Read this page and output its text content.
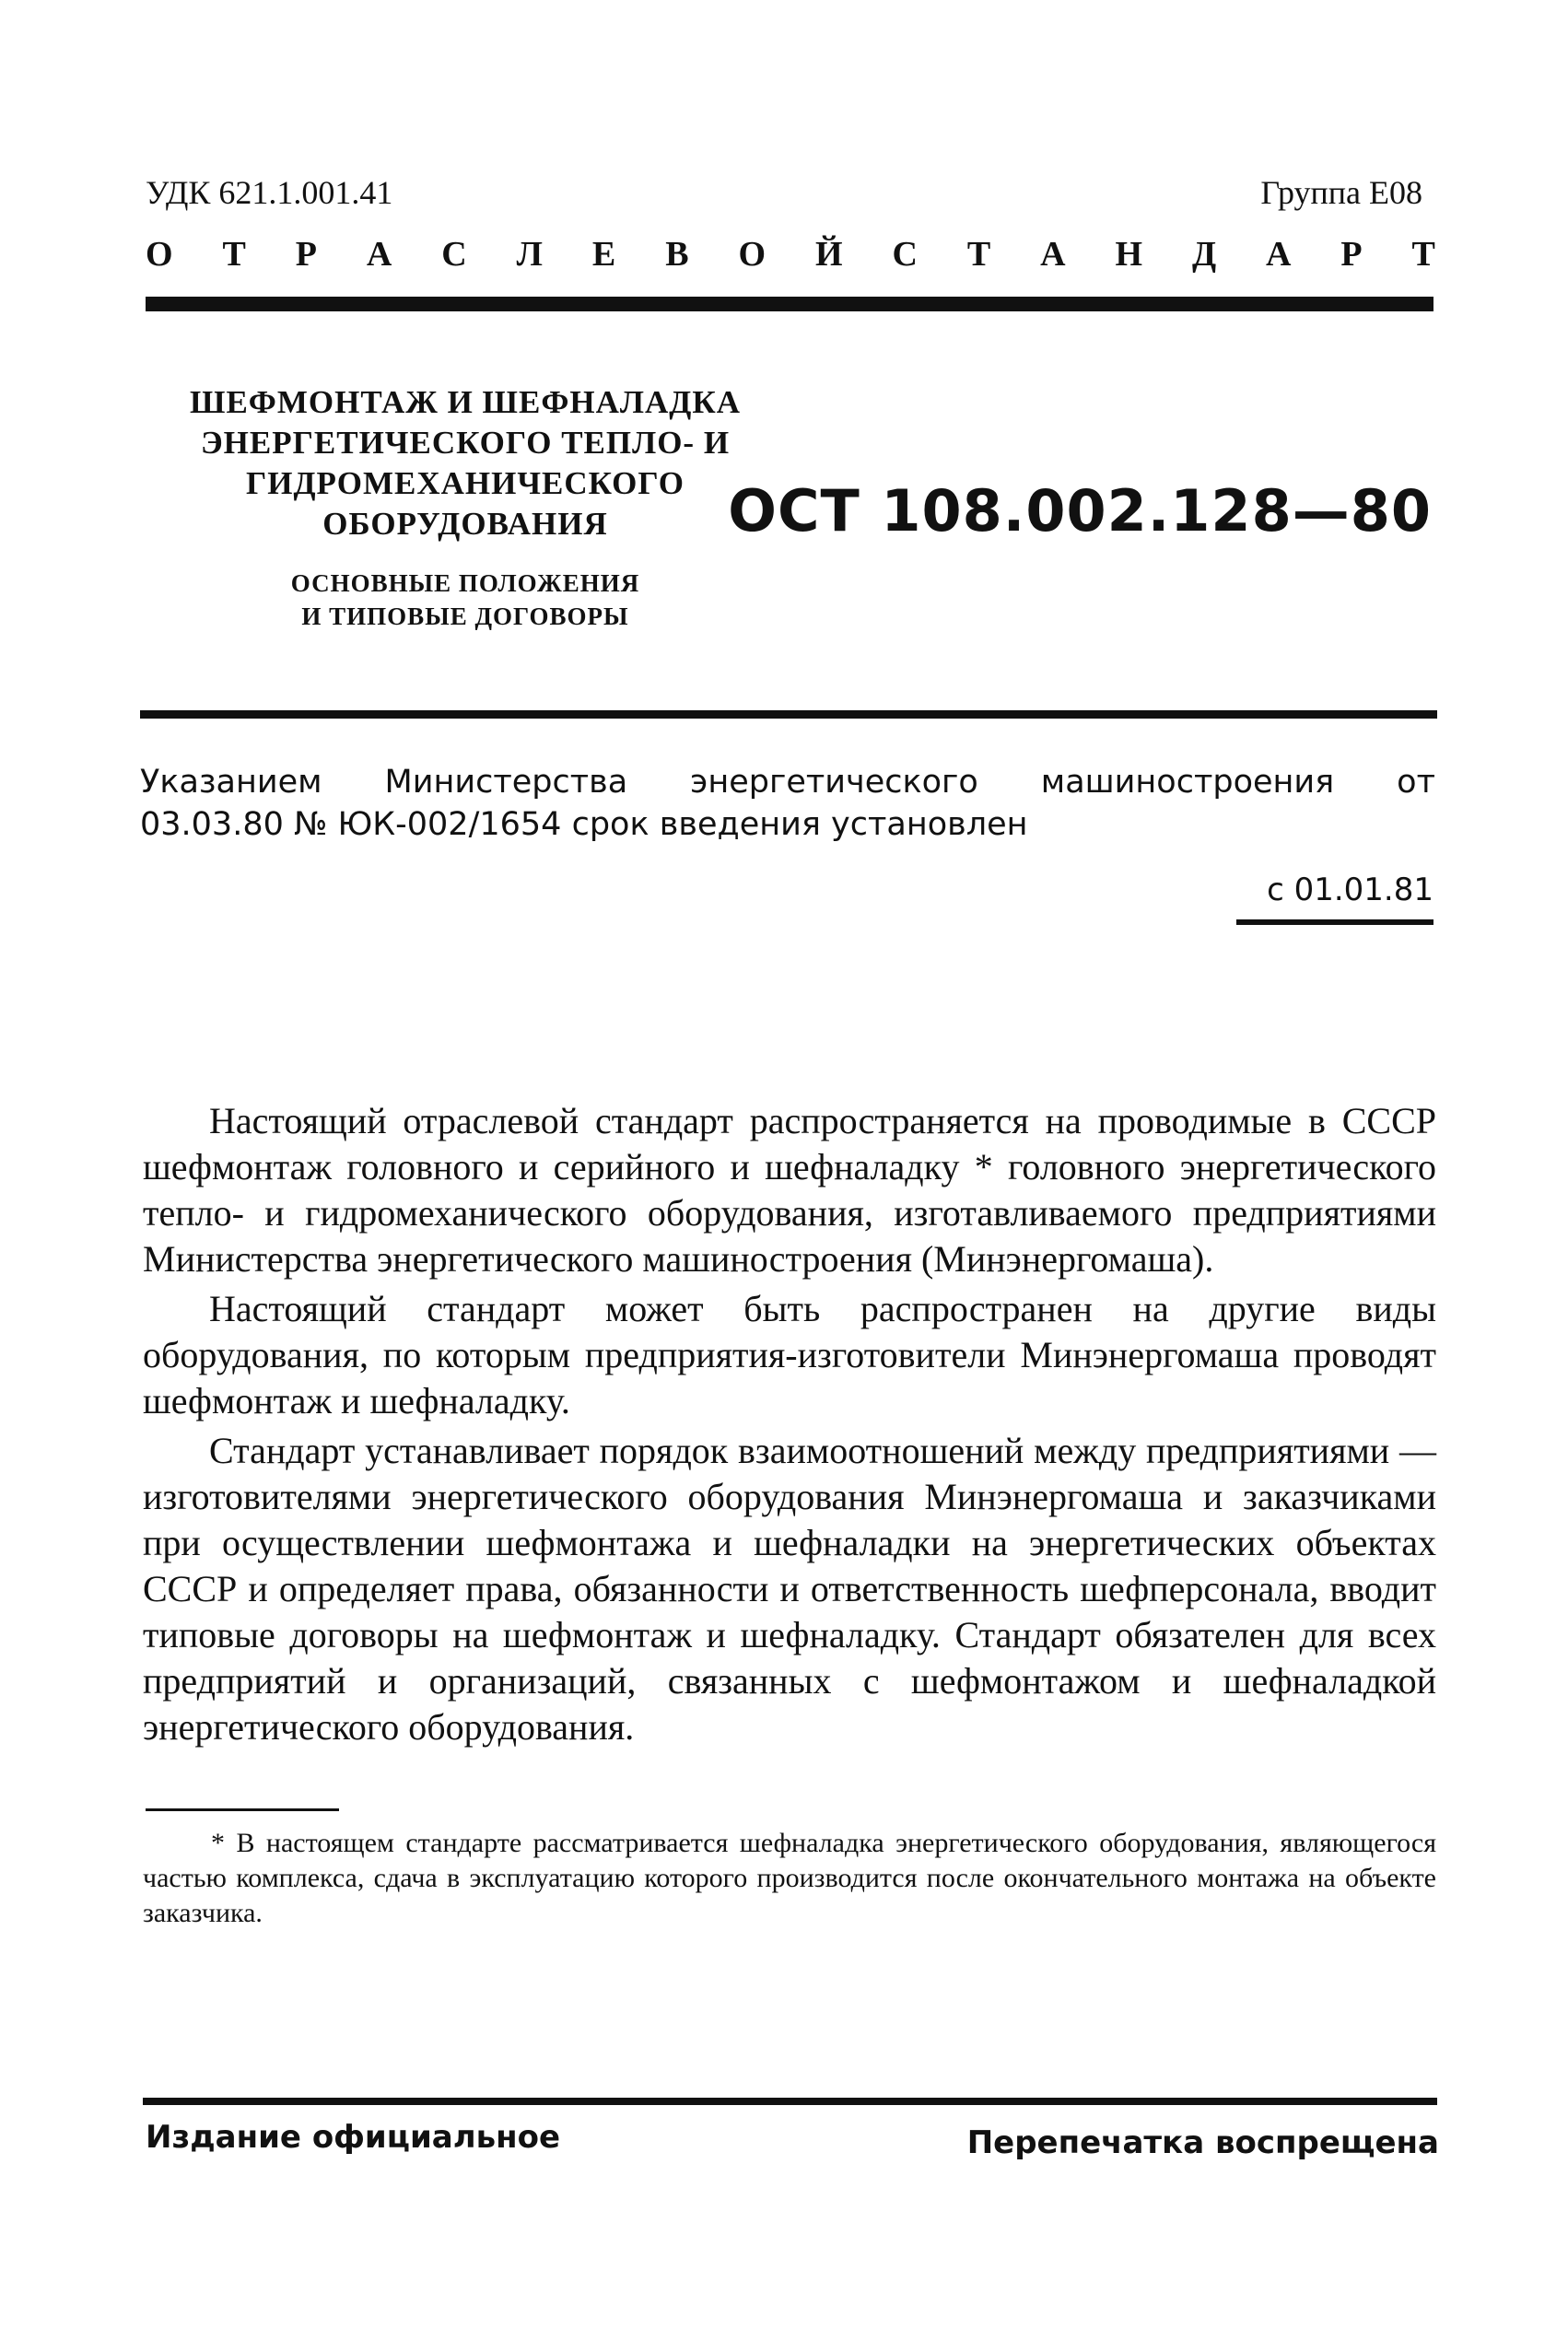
УДК 621.1.001.41	Группа Е08
О Т Р А С Л Е В О Й С Т А Н Д А Р Т
ШЕФМОНТАЖ И ШЕФНАЛАДКА
ЭНЕРГЕТИЧЕСКОГО ТЕПЛО- И
ГИДРОМЕХАНИЧЕСКОГО
ОБОРУДОВАНИЯ
ОСНОВНЫЕ ПОЛОЖЕНИЯ
И ТИПОВЫЕ ДОГОВОРЫ
ОСТ 108.002.128—80
Указанием Министерства энергетического машиностроения от
03.03.80 № ЮК-002/1654 срок введения установлен
с 01.01.81

Настоящий отраслевой стандарт распространяется на проводимые в СССР шефмонтаж головного и серийного и шефналадку * головного энергетического тепло- и гидромеханического оборудования, изготавливаемого предприятиями Министерства энергетического машиностроения (Минэнергомаша).

Настоящий стандарт может быть распространен на другие виды оборудования, по которым предприятия-изготовители Минэнергомаша проводят шефмонтаж и шефналадку.

Стандарт устанавливает порядок взаимоотношений между предприятиями — изготовителями энергетического оборудования Минэнергомаша и заказчиками при осуществлении шефмонтажа и шефналадки на энергетических объектах СССР и определяет права, обязанности и ответственность шефперсонала, вводит типовые договоры на шефмонтаж и шефналадку. Стандарт обязателен для всех предприятий и организаций, связанных с шефмонтажом и шефналадкой энергетического оборудования.

* В настоящем стандарте рассматривается шефналадка энергетического оборудования, являющегося частью комплекса, сдача в эксплуатацию которого производится после окончательного монтажа на объекте заказчика.

Издание официальное	Перепечатка воспрещена
